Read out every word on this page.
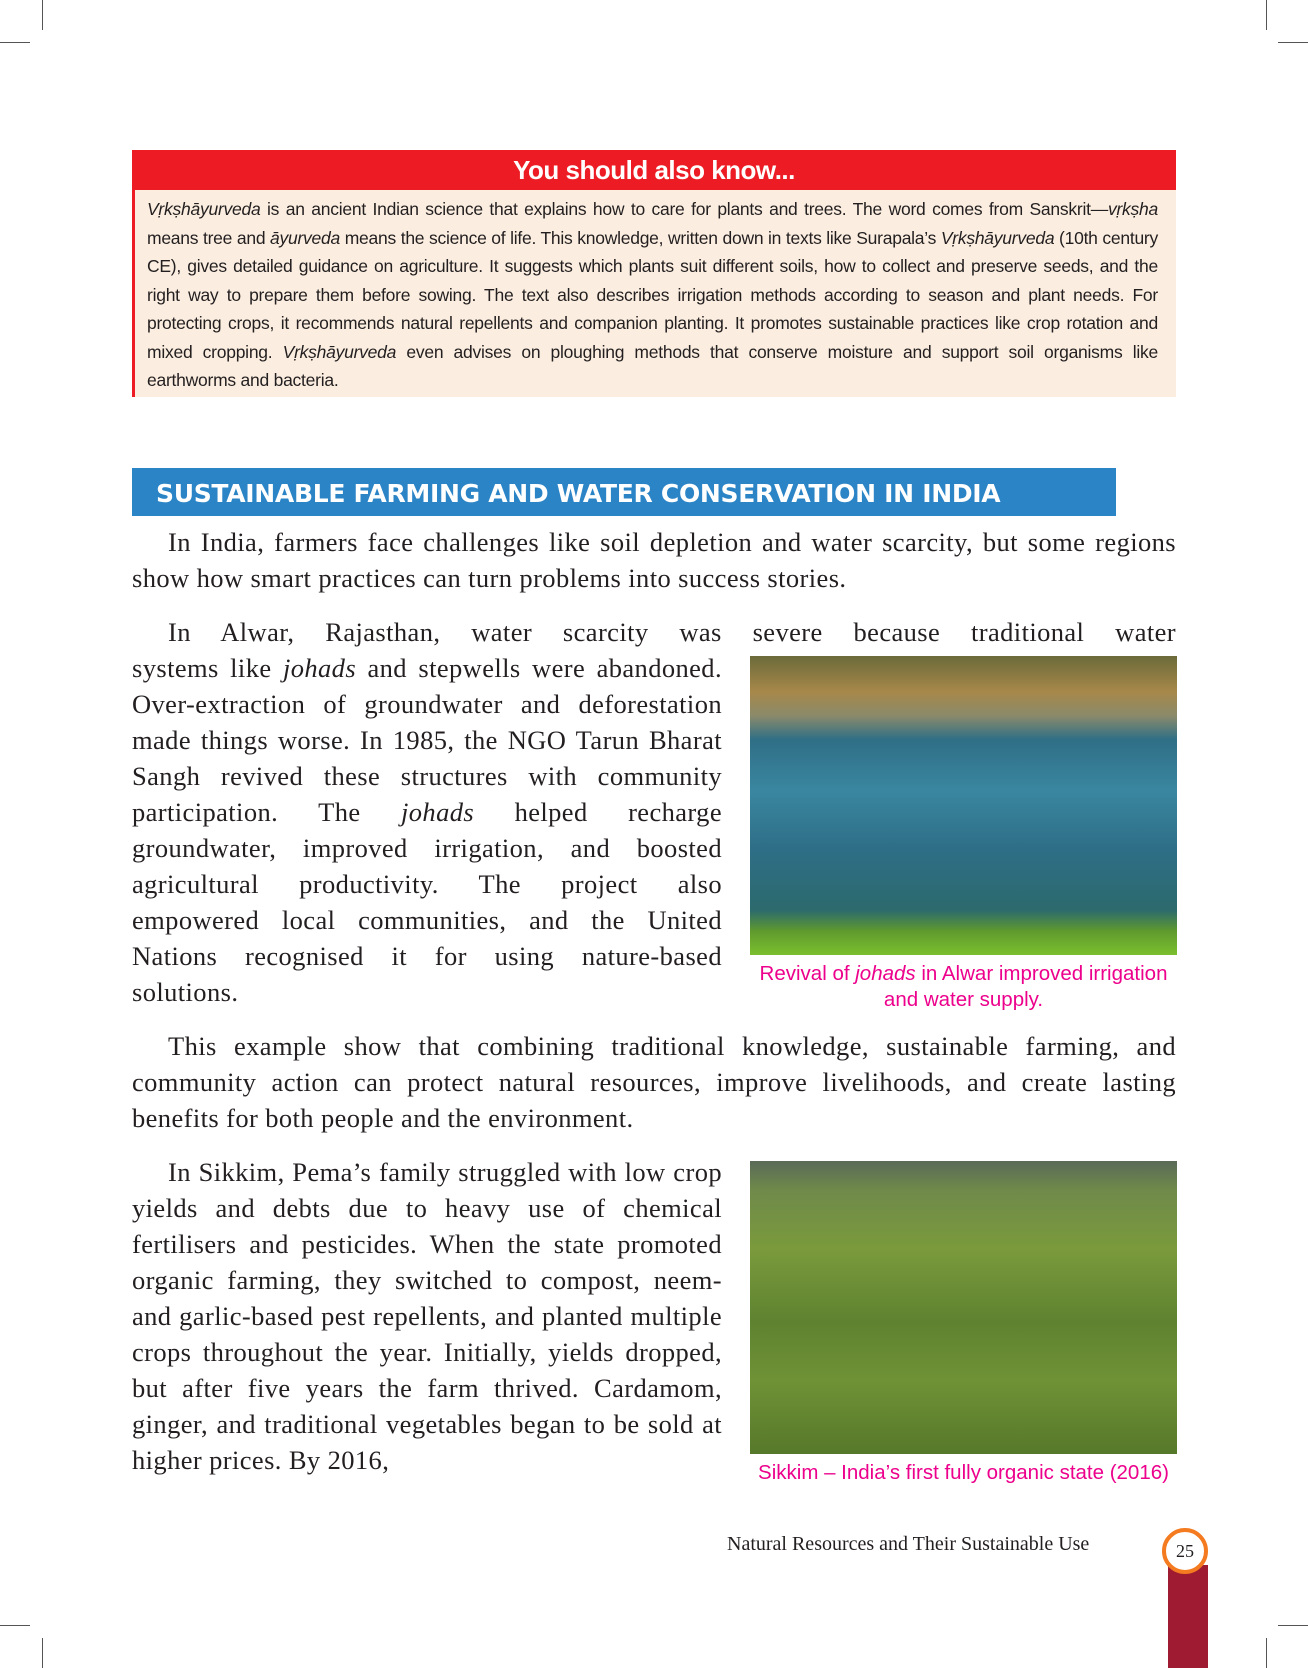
You should also know...
Vṛkṣhāyurveda is an ancient Indian science that explains how to care for plants and trees. The word comes from Sanskrit—vṛkṣha means tree and āyurveda means the science of life. This knowledge, written down in texts like Surapala’s Vṛkṣhāyurveda (10th century CE), gives detailed guidance on agriculture. It suggests which plants suit different soils, how to collect and preserve seeds, and the right way to prepare them before sowing. The text also describes irrigation methods according to season and plant needs. For protecting crops, it recommends natural repellents and companion planting. It promotes sustainable practices like crop rotation and mixed cropping. Vṛkṣhāyurveda even advises on ploughing methods that conserve moisture and support soil organisms like earthworms and bacteria.
SUSTAINABLE FARMING AND WATER CONSERVATION IN INDIA
In India, farmers face challenges like soil depletion and water scarcity, but some regions show how smart practices can turn problems into success stories.
In Alwar, Rajasthan, water scarcity was severe because traditional water
systems like johads and stepwells were abandoned. Over-extraction of groundwater and deforestation made things worse. In 1985, the NGO Tarun Bharat Sangh revived these structures with community participation. The johads helped recharge groundwater, improved irrigation, and boosted agricultural productivity. The project also empowered local communities, and the United Nations recognised it for using nature-based solutions.
Revival of johads in Alwar improved irrigation and water supply.
This example show that combining traditional knowledge, sustainable farming, and community action can protect natural resources, improve livelihoods, and create lasting benefits for both people and the environment.
In Sikkim, Pema’s family struggled with low crop yields and debts due to heavy use of chemical fertilisers and pesticides. When the state promoted organic farming, they switched to compost, neem- and garlic-based pest repellents, and planted multiple crops throughout the year. Initially, yields dropped, but after five years the farm thrived. Cardamom, ginger, and traditional vegetables began to be sold at higher prices. By 2016,	Sikkim – India’s first fully organic state (2016)
Natural Resources and Their Sustainable Use	25
